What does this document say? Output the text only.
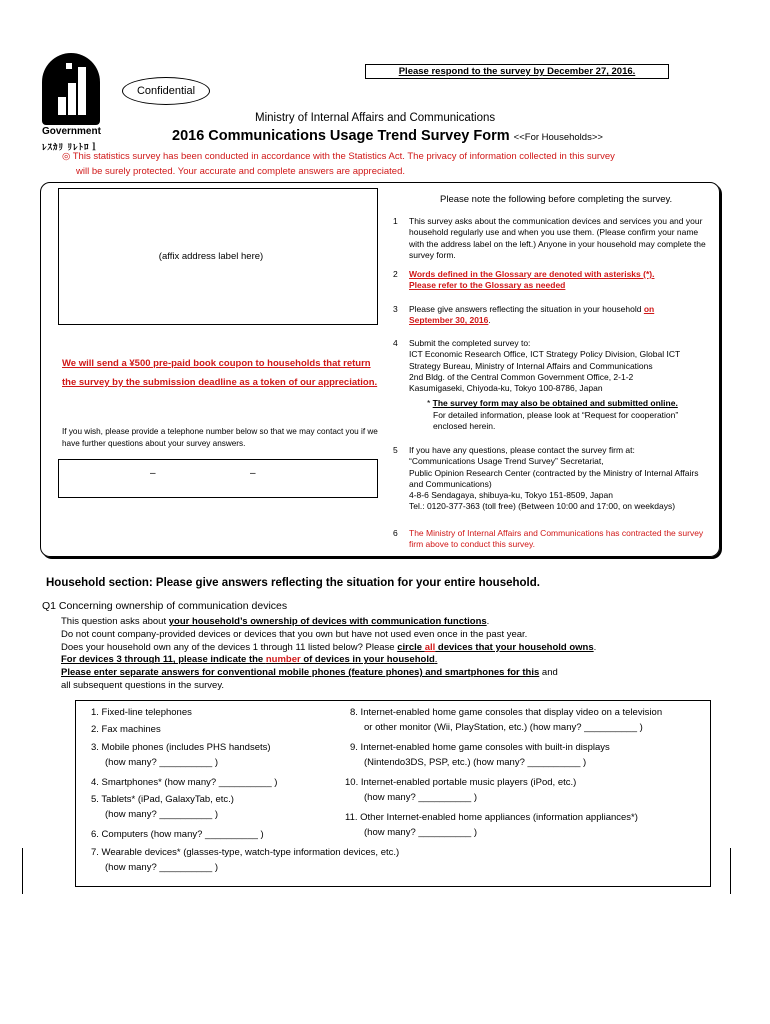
Government
ﾚｽｶﾘ ﾘﾚﾄﾛｌ
Please respond to the survey by December 27, 2016.
Confidential
Ministry of Internal Affairs and Communications
2016 Communications Usage Trend Survey Form <<For Households>>
◎ This statistics survey has been conducted in accordance with the Statistics Act. The privacy of information collected in this survey
will be surely protected. Your accurate and complete answers are appreciated.
Please note the following before completing the survey.
(affix address label here)
We will send a ¥500 pre-paid book coupon to households that return the survey by the submission deadline as a token of our appreciation.
If you wish, please provide a telephone number below so that we may contact you if we have further questions about your survey answers.
–	–
1	This survey asks about the communication devices and services you and your household regularly use and when you use them. (Please confirm your name with the address label on the left.) Anyone in your household may complete the survey form.
2	Words defined in the Glossary are denoted with asterisks (*).
Please refer to the Glossary as needed
3	Please give answers reflecting the situation in your household on
September 30, 2016.
4	Submit the completed survey to:
ICT Economic Research Office, ICT Strategy Policy Division, Global ICT
Strategy Bureau, Ministry of Internal Affairs and Communications
2nd Bldg. of the Central Common Government Office, 2-1-2
Kasumigaseki, Chiyoda-ku, Tokyo 100-8786, Japan
* The survey form may also be obtained and submitted online.
For detailed information, please look at “Request for cooperation” enclosed herein.
5	If you have any questions, please contact the survey firm at:
“Communications Usage Trend Survey” Secretariat,
Public Opinion Research Center (contracted by the Ministry of Internal Affairs and Communications)
4-8-6 Sendagaya, shibuya-ku, Tokyo 151-8509, Japan
Tel.: 0120-377-363 (toll free) (Between 10:00 and 17:00, on weekdays)
6	The Ministry of Internal Affairs and Communications has contracted the survey firm above to conduct this survey.
Household section: Please give answers reflecting the situation for your entire household.
Q1 Concerning ownership of communication devices
This question asks about your household’s ownership of devices with communication functions.
Do not count company-provided devices or devices that you own but have not used even once in the past year.
Does your household own any of the devices 1 through 11 listed below? Please circle all devices that your household owns.
For devices 3 through 11, please indicate the number of devices in your household.
Please enter separate answers for conventional mobile phones (feature phones) and smartphones for this and
all subsequent questions in the survey.
1. Fixed-line telephones
2. Fax machines
3. Mobile phones (includes PHS handsets)
(how many? __________ )
4. Smartphones* (how many? __________ )
5. Tablets* (iPad, GalaxyTab, etc.)
(how many? __________ )
6. Computers (how many? __________ )
7. Wearable devices* (glasses-type, watch-type information devices, etc.)
(how many? __________ )
8. Internet-enabled home game consoles that display video on a television
or other monitor (Wii, PlayStation, etc.) (how many? __________ )
9. Internet-enabled home game consoles with built-in displays
(Nintendo3DS, PSP, etc.) (how many? __________ )
10. Internet-enabled portable music players (iPod, etc.)
(how many? __________ )
11. Other Internet-enabled home appliances (information appliances*)
(how many? __________ )
